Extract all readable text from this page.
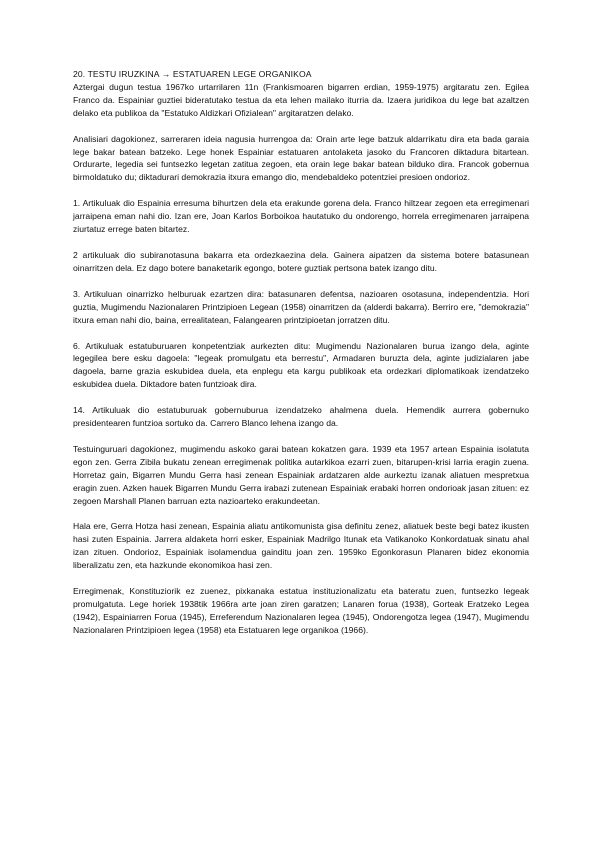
20. TESTU IRUZKINA → ESTATUAREN LEGE ORGANIKOA

Aztergai dugun testua 1967ko urtarrilaren 11n (Frankismoaren bigarren erdian, 1959-1975) argitaratu zen. Egilea Franco da. Espainiar guztiei bideratutako testua da eta lehen mailako iturria da. Izaera juridikoa du lege bat azaltzen delako eta publikoa da "Estatuko Aldizkari Ofizialean" argitaratzen delako.

Analisiari dagokionez, sarreraren ideia nagusia hurrengoa da: Orain arte lege batzuk aldarrikatu dira eta bada garaia lege bakar batean batzeko. Lege honek Espainiar estatuaren antolaketa jasoko du Francoren diktadura bitartean. Ordurarte, legedia sei funtsezko legetan zatitua zegoen, eta orain lege bakar batean bilduko dira. Francok gobernua birmoldatuko du; diktadurari demokrazia itxura emango dio, mendebaldeko potentziei presioen ondorioz.

1. Artikuluak dio Espainia erresuma bihurtzen dela eta erakunde gorena dela. Franco hiltzear zegoen eta erregimenari jarraipena eman nahi dio. Izan ere, Joan Karlos Borboikoa hautatuko du ondorengo, horrela erregimenaren jarraipena ziurtatuz errege baten bitartez.

2 artikuluak dio subiranotasuna bakarra eta ordezkaezina dela. Gainera aipatzen da sistema botere batasunean oinarritzen dela. Ez dago botere banaketarik egongo, botere guztiak pertsona batek izango ditu.

3. Artikuluan oinarrizko helburuak ezartzen dira: batasunaren defentsa, nazioaren osotasuna, independentzia. Hori guztia, Mugimendu Nazionalaren Printzipioen Legean (1958) oinarritzen da (alderdi bakarra). Berriro ere, "demokrazia" itxura eman nahi dio, baina, errealitatean, Falangearen printzipioetan jorratzen ditu.

6. Artikuluak estatuburuaren konpetentziak aurkezten ditu: Mugimendu Nazionalaren burua izango dela, aginte legegilea bere esku dagoela: "legeak promulgatu eta berrestu", Armadaren buruzta dela, aginte judizialaren jabe dagoela, barne grazia eskubidea duela, eta enplegu eta kargu publikoak eta ordezkari diplomatikoak izendatzeko eskubidea duela. Diktadore baten funtzioak dira.

14. Artikuluak dio estatuburuak gobernuburua izendatzeko ahalmena duela. Hemendik aurrera gobernuko presidentearen funtzioa sortuko da. Carrero Blanco lehena izango da.

Testuinguruari dagokionez, mugimendu askoko garai batean kokatzen gara. 1939 eta 1957 artean Espainia isolatuta egon zen. Gerra Zibila bukatu zenean erregimenak politika autarkikoa ezarri zuen, bitarupen-krisi larria eragin zuena. Horretaz gain, Bigarren Mundu Gerra hasi zenean Espainiak ardatzaren alde aurkeztu izanak aliatuen mespretxua eragin zuen. Azken hauek Bigarren Mundu Gerra irabazi zutenean Espainiak erabaki horren ondorioak jasan zituen: ez zegoen Marshall Planen barruan ezta nazioarteko erakundeetan.

Hala ere, Gerra Hotza hasi zenean, Espainia aliatu antikomunista gisa definitu zenez, aliatuek beste begi batez ikusten hasi zuten Espainia. Jarrera aldaketa horri esker, Espainiak Madrilgo Itunak eta Vatikanoko Konkordatuak sinatu ahal izan zituen. Ondorioz, Espainiak isolamendua gainditu joan zen. 1959ko Egonkorasun Planaren bidez ekonomia liberalizatu zen, eta hazkunde ekonomikoa hasi zen.

Erregimenak, Konstituziorik ez zuenez, pixkanaka estatua instituzionalizatu eta bateratu zuen, funtsezko legeak promulgatuta. Lege horiek 1938tik 1966ra arte joan ziren garatzen; Lanaren forua (1938), Gorteak Eratzeko Legea (1942), Espainiarren Forua (1945), Erreferendum Nazionalaren legea (1945), Ondorengotza legea (1947), Mugimendu Nazionalaren Printzipioen legea (1958) eta Estatuaren lege organikoa (1966).
